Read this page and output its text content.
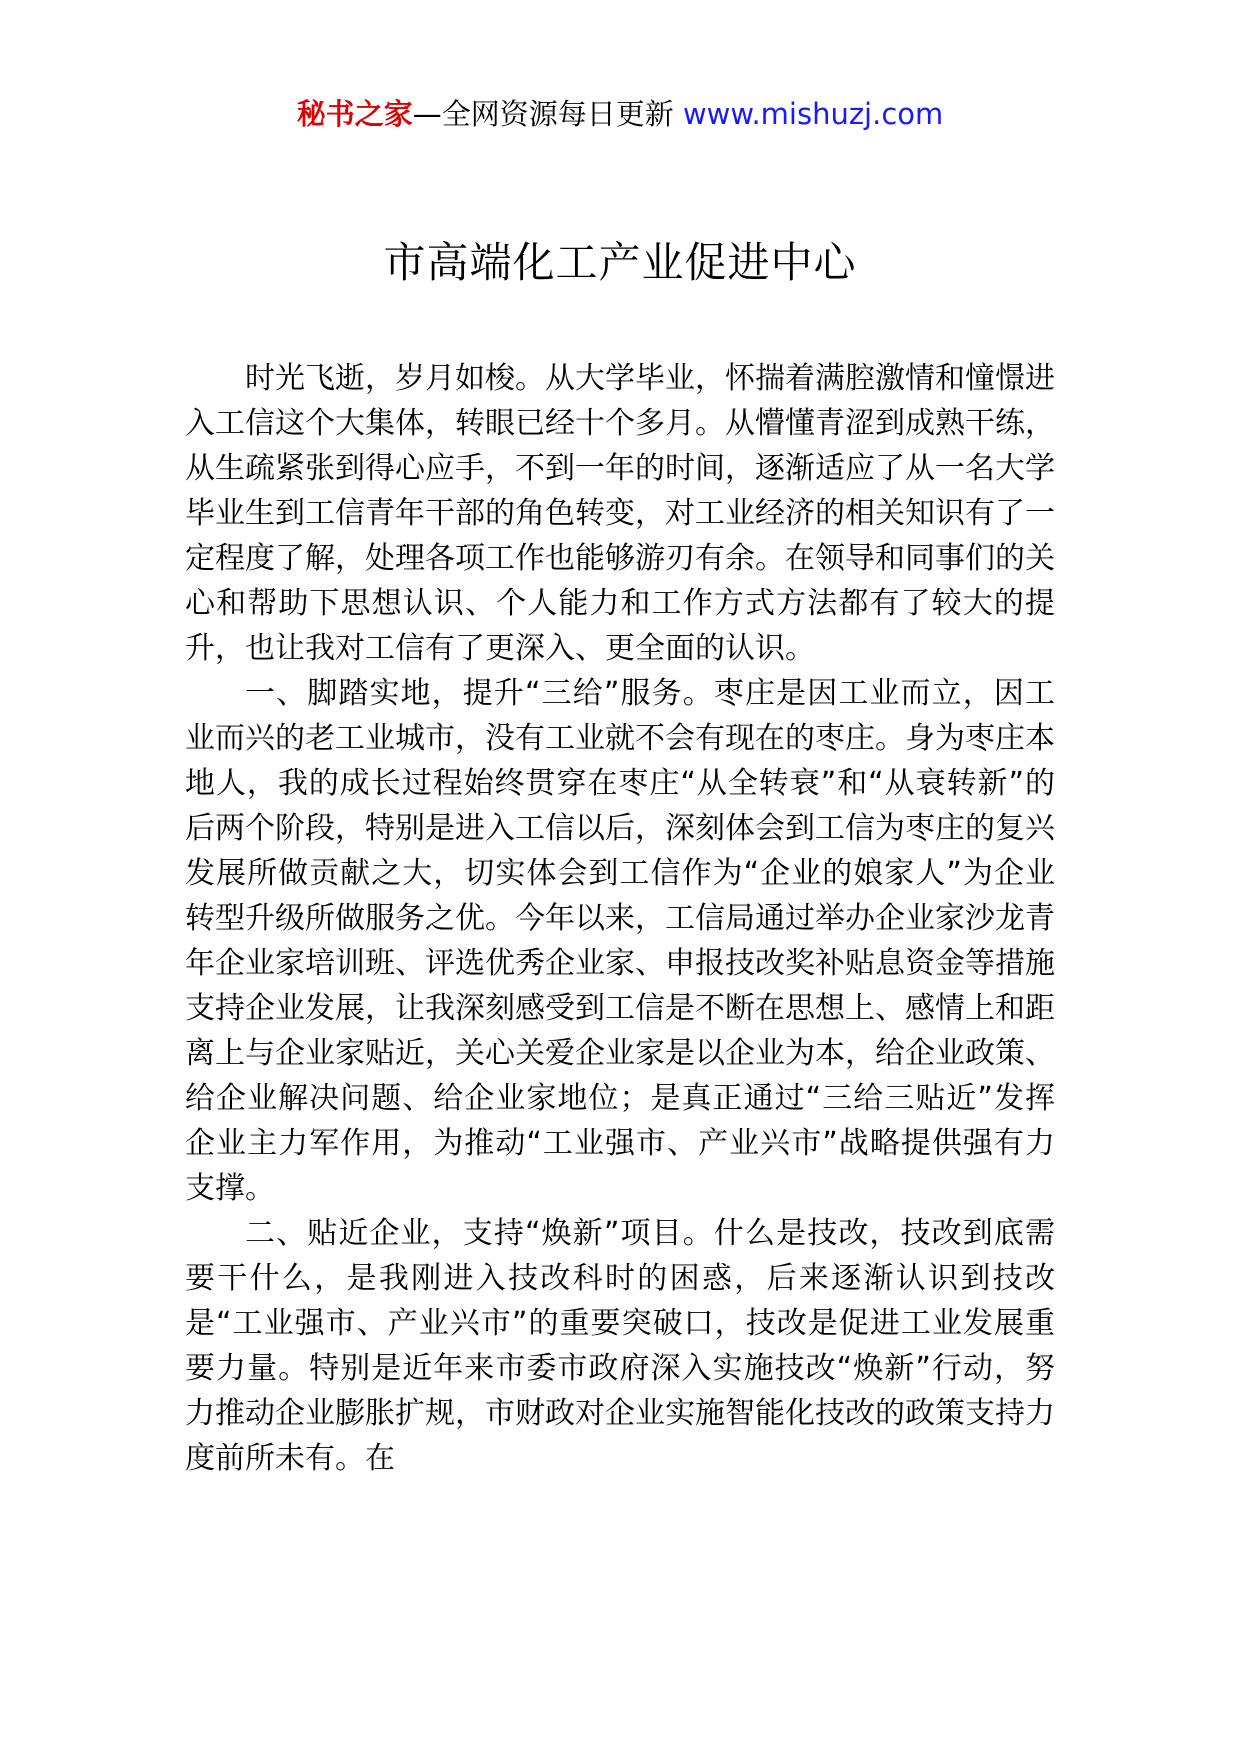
秘书之家—全网资源每日更新 www.mishuzj.com
市高端化工产业促进中心

时光飞逝，岁月如梭。从大学毕业，怀揣着满腔激情和憧憬进入工信这个大集体，转眼已经十个多月。从懵懂青涩到成熟干练，从生疏紧张到得心应手，不到一年的时间，逐渐适应了从一名大学毕业生到工信青年干部的角色转变，对工业经济的相关知识有了一定程度了解，处理各项工作也能够游刃有余。在领导和同事们的关心和帮助下思想认识、个人能力和工作方式方法都有了较大的提升，也让我对工信有了更深入、更全面的认识。

一、脚踏实地，提升“三给”服务。枣庄是因工业而立，因工业而兴的老工业城市，没有工业就不会有现在的枣庄。身为枣庄本地人，我的成长过程始终贯穿在枣庄“从全转衰”和“从衰转新”的后两个阶段，特别是进入工信以后，深刻体会到工信为枣庄的复兴发展所做贡献之大，切实体会到工信作为“企业的娘家人”为企业转型升级所做服务之优。今年以来，工信局通过举办企业家沙龙青年企业家培训班、评选优秀企业家、申报技改奖补贴息资金等措施支持企业发展，让我深刻感受到工信是不断在思想上、感情上和距离上与企业家贴近，关心关爱企业家是以企业为本，给企业政策、给企业解决问题、给企业家地位；是真正通过“三给三贴近”发挥企业主力军作用，为推动“工业强市、产业兴市”战略提供强有力支撑。

二、贴近企业，支持“焕新”项目。什么是技改，技改到底需要干什么，是我刚进入技改科时的困惑，后来逐渐认识到技改是“工业强市、产业兴市”的重要突破口，技改是促进工业发展重要力量。特别是近年来市委市政府深入实施技改“焕新”行动，努力推动企业膨胀扩规，市财政对企业实施智能化技改的政策支持力度前所未有。在
